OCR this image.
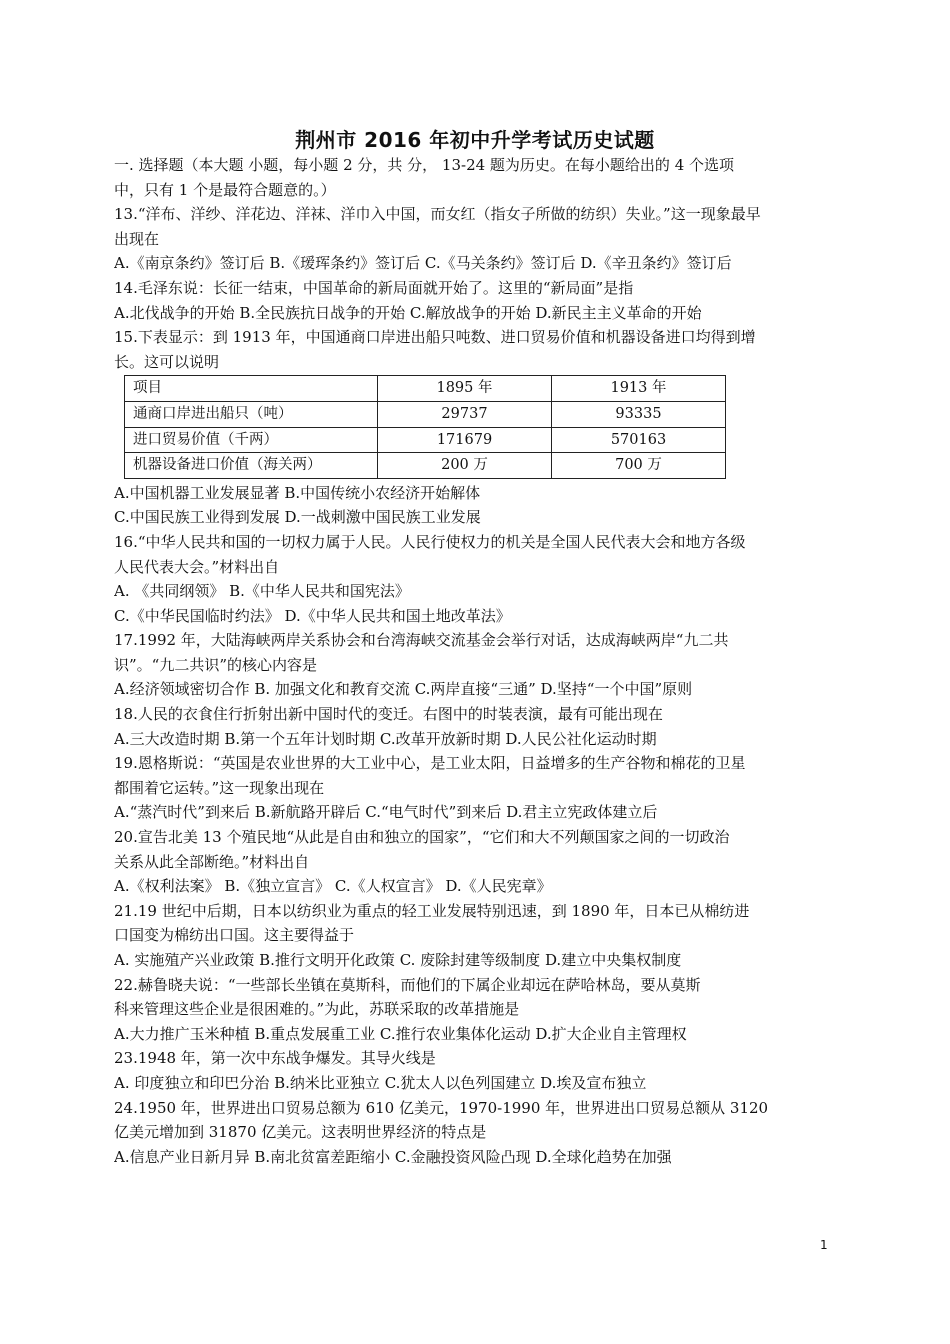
荆州市 2016 年初中升学考试历史试题

一. 选择题（本大题 小题，每小题 2 分，共 分， 13-24 题为历史。在每小题给出的 4 个选项

中，只有 1 个是最符合题意的。）

13.“洋布、洋纱、洋花边、洋袜、洋巾入中国，而女红（指女子所做的纺织）失业。”这一现象最早

出现在

A.《南京条约》签订后 B.《瑷珲条约》签订后 C.《马关条约》签订后 D.《辛丑条约》签订后

14.毛泽东说：长征一结束，中国革命的新局面就开始了。这里的“新局面”是指

A.北伐战争的开始 B.全民族抗日战争的开始 C.解放战争的开始 D.新民主主义革命的开始

15.下表显示：到 1913 年，中国通商口岸进出船只吨数、进口贸易价值和机器设备进口均得到增

长。这可以说明

项目	1895 年	1913 年
通商口岸进出船只（吨）	29737	93335
进口贸易价值（千两）	171679	570163
机器设备进口价值（海关两）	200 万	700 万

A.中国机器工业发展显著 B.中国传统小农经济开始解体

C.中国民族工业得到发展 D.一战刺激中国民族工业发展

16.“中华人民共和国的一切权力属于人民。人民行使权力的机关是全国人民代表大会和地方各级

人民代表大会。”材料出自

A. 《共同纲领》 B.《中华人民共和国宪法》

C.《中华民国临时约法》 D.《中华人民共和国土地改革法》

17.1992 年，大陆海峡两岸关系协会和台湾海峡交流基金会举行对话，达成海峡两岸“九二共

识”。“九二共识”的核心内容是

A.经济领域密切合作 B. 加强文化和教育交流 C.两岸直接“三通” D.坚持“一个中国”原则

18.人民的衣食住行折射出新中国时代的变迁。右图中的时装表演，最有可能出现在

A.三大改造时期 B.第一个五年计划时期 C.改革开放新时期 D.人民公社化运动时期

19.恩格斯说：“英国是农业世界的大工业中心，是工业太阳，日益增多的生产谷物和棉花的卫星

都围着它运转。”这一现象出现在

A.“蒸汽时代”到来后 B.新航路开辟后 C.“电气时代”到来后 D.君主立宪政体建立后

20.宣告北美 13 个殖民地“从此是自由和独立的国家”，“它们和大不列颠国家之间的一切政治

关系从此全部断绝。”材料出自

A.《权利法案》 B.《独立宣言》 C.《人权宣言》 D.《人民宪章》

21.19 世纪中后期，日本以纺织业为重点的轻工业发展特别迅速，到 1890 年，日本已从棉纺进

口国变为棉纺出口国。这主要得益于

A. 实施殖产兴业政策 B.推行文明开化政策 C. 废除封建等级制度 D.建立中央集权制度

22.赫鲁晓夫说：“一些部长坐镇在莫斯科，而他们的下属企业却远在萨哈林岛，要从莫斯

科来管理这些企业是很困难的。”为此，苏联采取的改革措施是

A.大力推广玉米种植 B.重点发展重工业 C.推行农业集体化运动 D.扩大企业自主管理权

23.1948 年，第一次中东战争爆发。其导火线是

A. 印度独立和印巴分治 B.纳米比亚独立 C.犹太人以色列国建立 D.埃及宣布独立

24.1950 年，世界进出口贸易总额为 610 亿美元，1970-1990 年，世界进出口贸易总额从 3120

亿美元增加到 31870 亿美元。这表明世界经济的特点是

A.信息产业日新月异 B.南北贫富差距缩小 C.金融投资风险凸现 D.全球化趋势在加强

1
